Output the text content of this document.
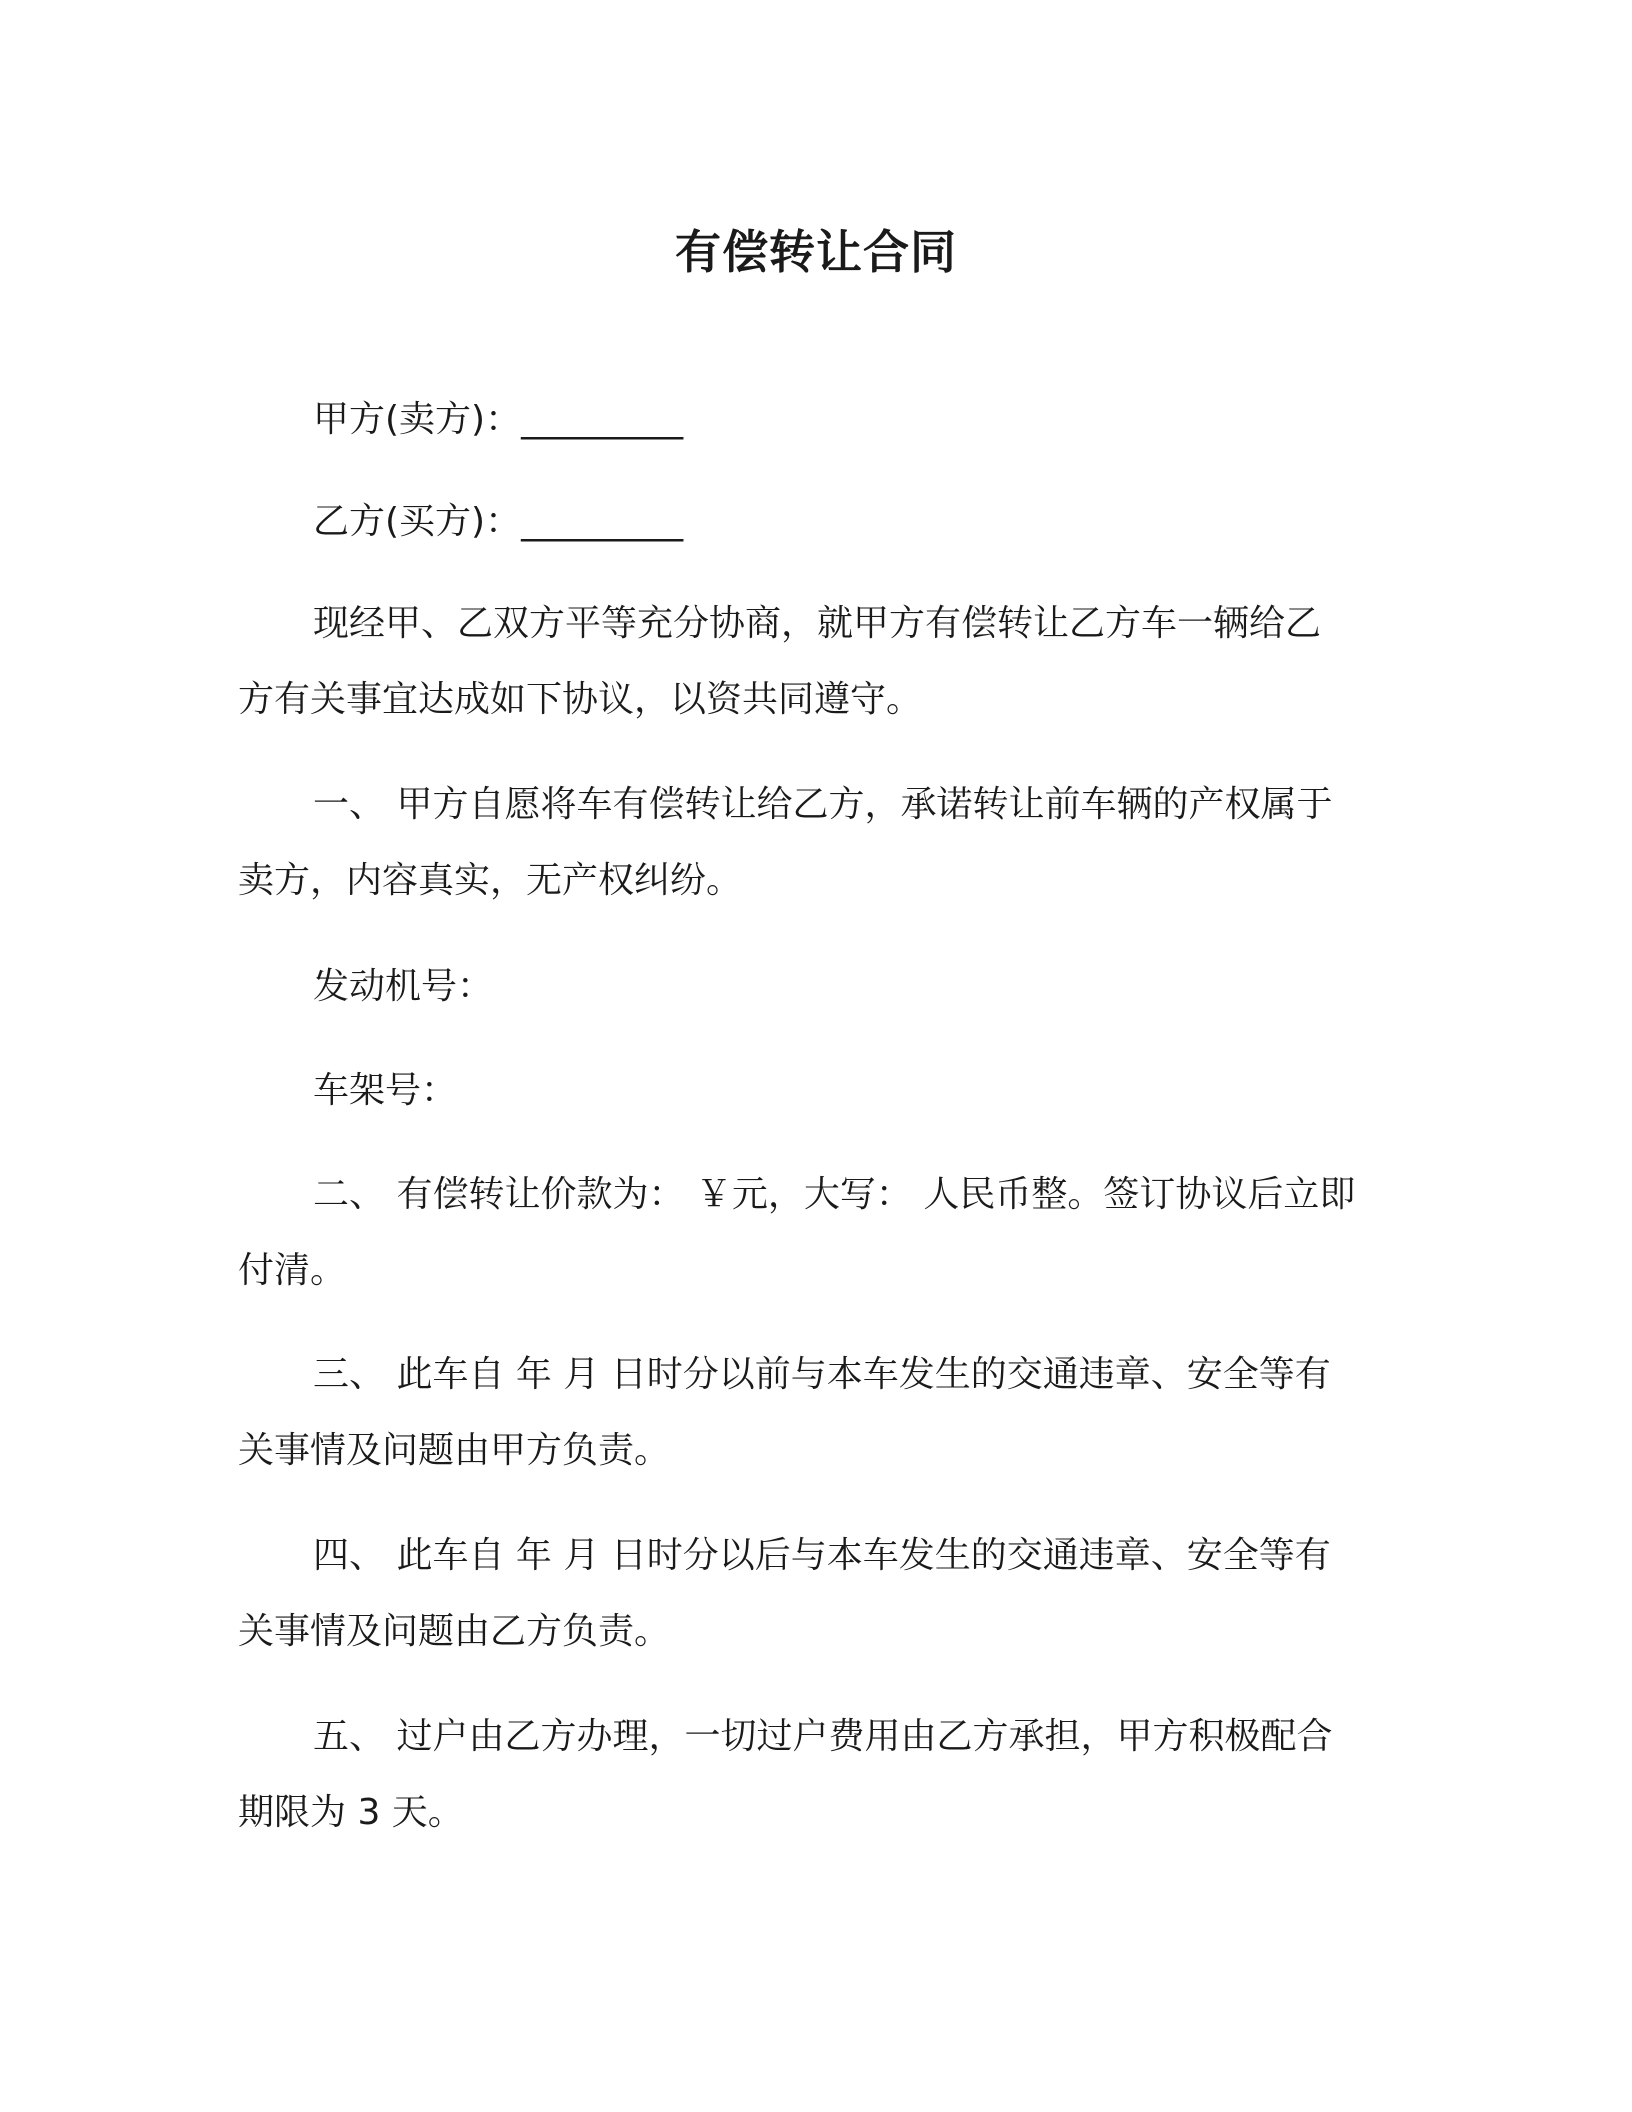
有偿转让合同

甲方(卖方)：_________

乙方(买方)：_________

现经甲、乙双方平等充分协商，就甲方有偿转让乙方车一辆给乙

方有关事宜达成如下协议，以资共同遵守。

一、 甲方自愿将车有偿转让给乙方，承诺转让前车辆的产权属于

卖方，内容真实，无产权纠纷。

发动机号：

车架号：

二、 有偿转让价款为： ￥元，大写： 人民币整。签订协议后立即

付清。

三、 此车自 年 月 日时分以前与本车发生的交通违章、安全等有

关事情及问题由甲方负责。

四、 此车自 年 月 日时分以后与本车发生的交通违章、安全等有

关事情及问题由乙方负责。

五、 过户由乙方办理，一切过户费用由乙方承担，甲方积极配合

期限为 3 天。
